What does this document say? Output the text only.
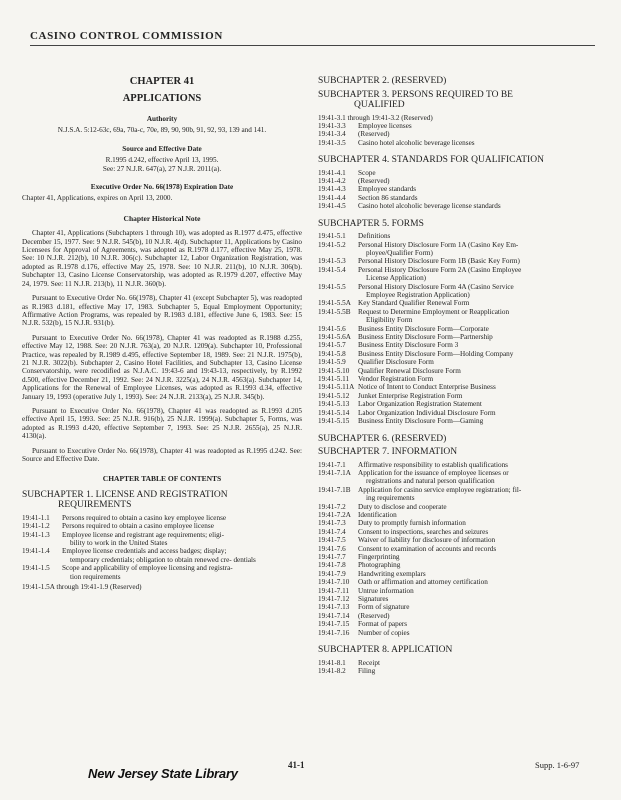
CASINO CONTROL COMMISSION
CHAPTER 41
APPLICATIONS
Authority
N.J.S.A. 5:12-63c, 69a, 70a-c, 70e, 89, 90, 90b, 91, 92, 93, 139 and 141.
Source and Effective Date
R.1995 d.242, effective April 13, 1995.
See: 27 N.J.R. 647(a), 27 N.J.R. 2011(a).
Executive Order No. 66(1978) Expiration Date
Chapter 41, Applications, expires on April 13, 2000.
Chapter Historical Note
Chapter 41, Applications (Subchapters 1 through 10), was adopted as R.1977 d.475, effective December 15, 1977. See: 9 N.J.R. 545(b), 10 N.J.R. 4(d). Subchapter 11, Applications by Casino Licensees for Approval of Agreements, was adopted as R.1978 d.177, effective May 25, 1978. See: 10 N.J.R. 212(b), 10 N.J.R. 306(c). Subchapter 12, Labor Organization Registration, was adopted as R.1978 d.176, effective May 25, 1978. See: 10 N.J.R. 211(b), 10 N.J.R. 306(b). Subchapter 13, Casino License Conservatorship, was adopted as R.1979 d.207, effective May 24, 1979. See: 11 N.J.R. 213(b), 11 N.J.R. 360(b).
Pursuant to Executive Order No. 66(1978), Chapter 41 (except Subchapter 5), was readopted as R.1983 d.181, effective May 17, 1983. Subchapter 5, Equal Employment Opportunity; Affirmative Action Programs, was repealed by R.1983 d.181, effective June 6, 1983. See: 15 N.J.R. 532(b), 15 N.J.R. 931(b).
Pursuant to Executive Order No. 66(1978), Chapter 41 was readopted as R.1988 d.255, effective May 12, 1988. See: 20 N.J.R. 763(a), 20 N.J.R. 1209(a). Subchapter 10, Professional Practice, was repealed by R.1989 d.495, effective September 18, 1989. See: 21 N.J.R. 1975(b), 21 N.J.R. 3022(b). Subchapter 2, Casino Hotel Facilities, and Subchapter 13, Casino License Conservatorship, were recodified as N.J.A.C. 19:43-6 and 19:43-13, respectively, by R.1992 d.500, effective December 21, 1992. See: 24 N.J.R. 3225(a), 24 N.J.R. 4563(a). Subchapter 14, Applications for the Renewal of Employee Licenses, was adopted as R.1993 d.34, effective January 19, 1993 (operative July 1, 1993). See: 24 N.J.R. 2133(a), 25 N.J.R. 345(b).
Pursuant to Executive Order No. 66(1978), Chapter 41 was readopted as R.1993 d.205 effective April 15, 1993. See: 25 N.J.R. 916(b), 25 N.J.R. 1999(a). Subchapter 5, Forms, was adopted as R.1993 d.420, effective September 7, 1993. See: 25 N.J.R. 2655(a), 25 N.J.R. 4130(a).
Pursuant to Executive Order No. 66(1978), Chapter 41 was readopted as R.1995 d.242. See: Source and Effective Date.
CHAPTER TABLE OF CONTENTS
SUBCHAPTER 1. LICENSE AND REGISTRATION
REQUIREMENTS
19:41-1.1	Persons required to obtain a casino key employee license
19:41-1.2	Persons required to obtain a casino employee license
19:41-1.3	Employee license and registrant age requirements; eligi-
bility to work in the United States
19:41-1.4	Employee license credentials and access badges; display;
temporary credentials; obligation to obtain renewed cre- dentials
19:41-1.5	Scope and applicability of employee licensing and registra-
tion requirements
19:41-1.5A through 19:41-1.9 (Reserved)
SUBCHAPTER 2. (RESERVED)
SUBCHAPTER 3. PERSONS REQUIRED TO BE
QUALIFIED
19:41-3.1 through 19:41-3.2 (Reserved)
19:41-3.3	Employee licenses
19:41-3.4	(Reserved)
19:41-3.5	Casino hotel alcoholic beverage licenses
SUBCHAPTER 4. STANDARDS FOR QUALIFICATION
19:41-4.1	Scope
19:41-4.2	(Reserved)
19:41-4.3	Employee standards
19:41-4.4	Section 86 standards
19:41-4.5	Casino hotel alcoholic beverage license standards
SUBCHAPTER 5. FORMS
19:41-5.1	Definitions
19:41-5.2	Personal History Disclosure Form 1A (Casino Key Em-
ployee/Qualifier Form)
19:41-5.3	Personal History Disclosure Form 1B (Basic Key Form)
19:41-5.4	Personal History Disclosure Form 2A (Casino Employee
License Application)
19:41-5.5	Personal History Disclosure Form 4A (Casino Service
Employee Registration Application)
19:41-5.5A Key Standard Qualifier Renewal Form
19:41-5.5B	Request to Determine Employment or Reapplication
Eligibility Form
19:41-5.6	Business Entity Disclosure Form—Corporate
19:41-5.6A Business Entity Disclosure Form—Partnership
19:41-5.7	Business Entity Disclosure Form 3
19:41-5.8	Business Entity Disclosure Form—Holding Company
19:41-5.9	Qualifier Disclosure Form
19:41-5.10	Qualifier Renewal Disclosure Form
19:41-5.11	Vendor Registration Form
19:41-5.11A Notice of Intent to Conduct Enterprise Business
19:41-5.12	Junket Enterprise Registration Form
19:41-5.13	Labor Organization Registration Statement
19:41-5.14	Labor Organization Individual Disclosure Form
19:41-5.15	Business Entity Disclosure Form—Gaming
SUBCHAPTER 6. (RESERVED)
SUBCHAPTER 7. INFORMATION
19:41-7.1	Affirmative responsibility to establish qualifications
19:41-7.1A Application for the issuance of employee licenses or
registrations and natural person qualification
19:41-7.1B	Application for casino service employee registration; fil-
ing requirements
19:41-7.2	Duty to disclose and cooperate
19:41-7.2A Identification
19:41-7.3	Duty to promptly furnish information
19:41-7.4	Consent to inspections, searches and seizures
19:41-7.5	Waiver of liability for disclosure of information
19:41-7.6	Consent to examination of accounts and records
19:41-7.7	Fingerprinting
19:41-7.8	Photographing
19:41-7.9	Handwriting exemplars
19:41-7.10	Oath or affirmation and attorney certification
19:41-7.11	Untrue information
19:41-7.12	Signatures
19:41-7.13	Form of signature
19:41-7.14	(Reserved)
19:41-7.15	Format of papers
19:41-7.16	Number of copies
SUBCHAPTER 8. APPLICATION
19:41-8.1	Receipt
19:41-8.2	Filing
New Jersey State Library
41-1	Supp. 1-6-97
